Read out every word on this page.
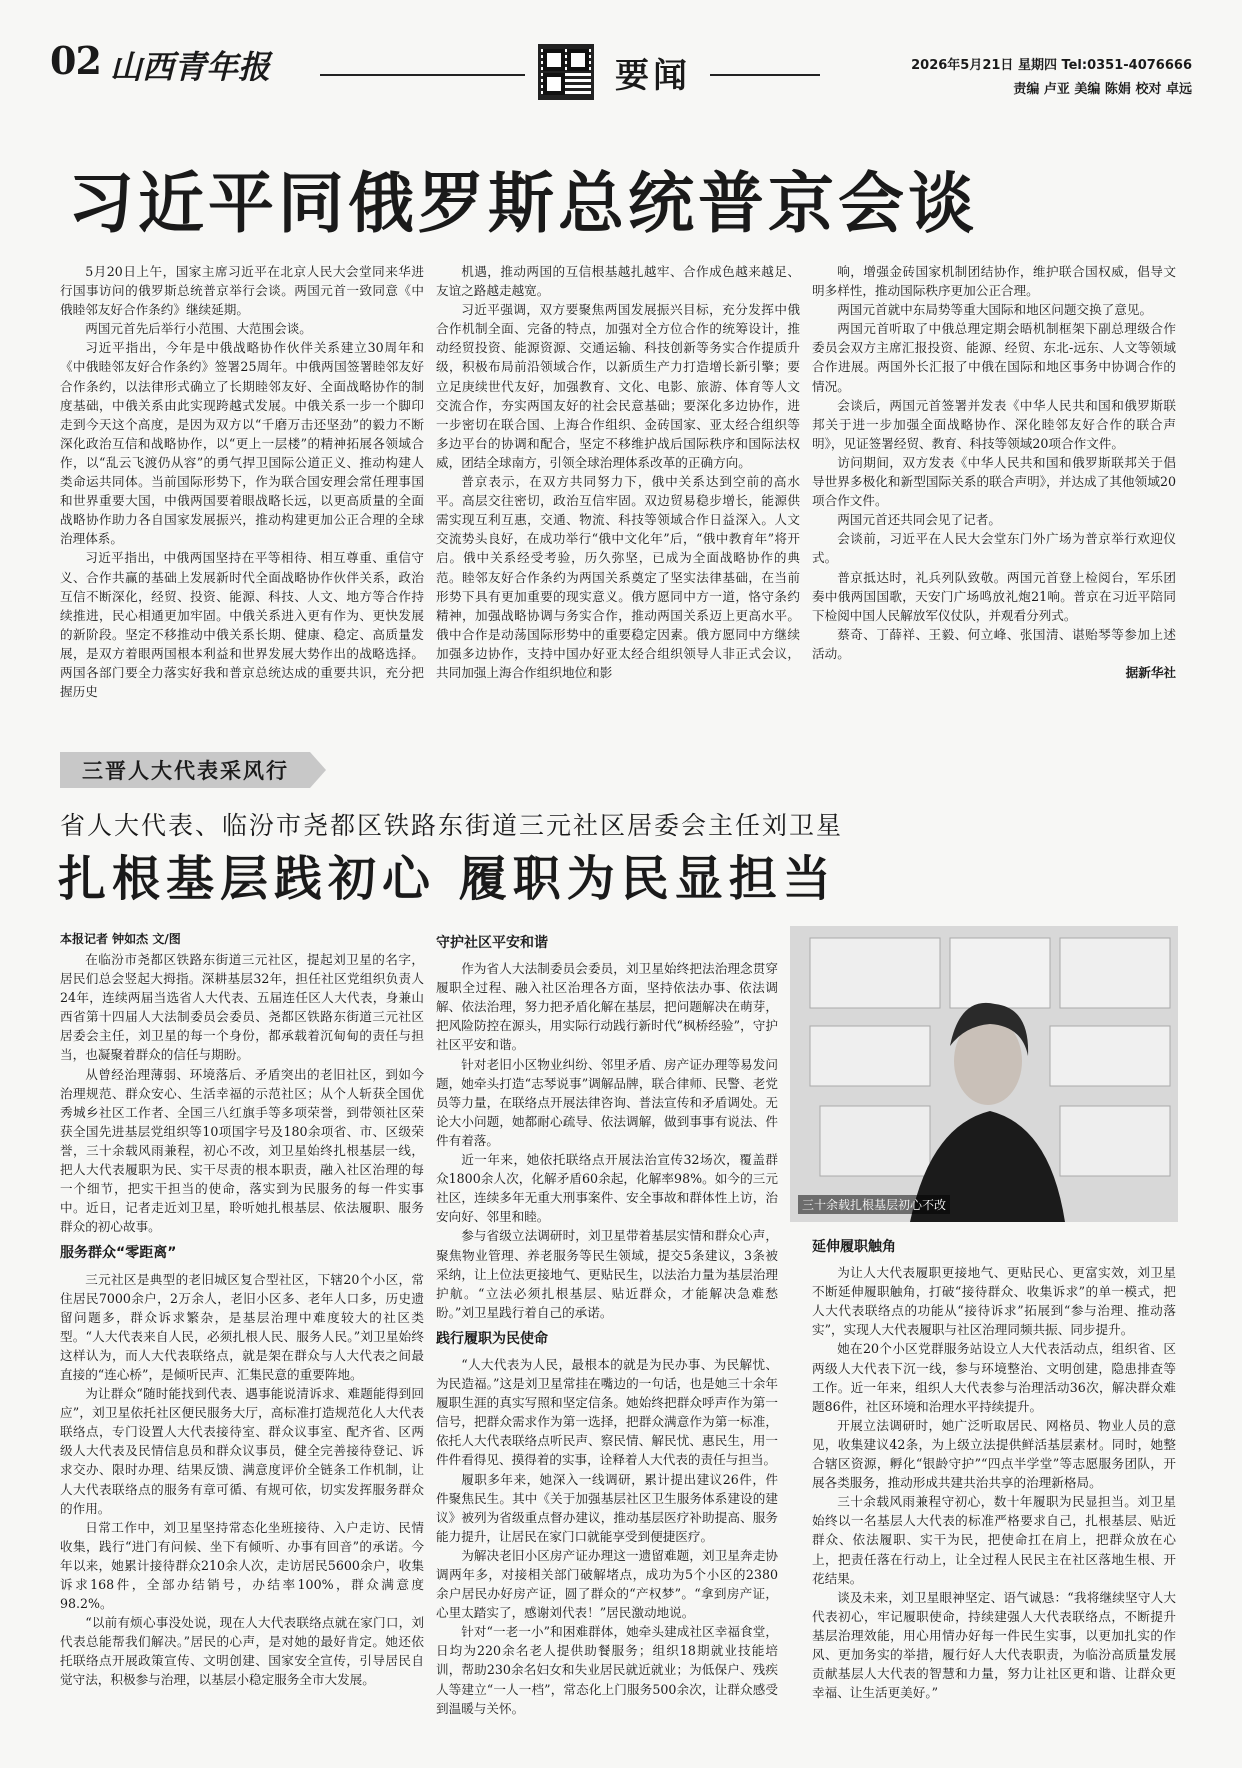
02 山西青年报	要闻	2026年5月21日 星期四 Tel:0351-4076666
责编 卢亚 美编 陈娟 校对 卓远
习近平同俄罗斯总统普京会谈

5月20日上午，国家主席习近平在北京人民大会堂同来华进行国事访问的俄罗斯总统普京举行会谈。两国元首一致同意《中俄睦邻友好合作条约》继续延期。

两国元首先后举行小范围、大范围会谈。

习近平指出，今年是中俄战略协作伙伴关系建立30周年和《中俄睦邻友好合作条约》签署25周年。中俄两国签署睦邻友好合作条约，以法律形式确立了长期睦邻友好、全面战略协作的制度基础，中俄关系由此实现跨越式发展。中俄关系一步一个脚印走到今天这个高度，是因为双方以“千磨万击还坚劲”的毅力不断深化政治互信和战略协作，以“更上一层楼”的精神拓展各领域合作，以“乱云飞渡仍从容”的勇气捍卫国际公道正义、推动构建人类命运共同体。当前国际形势下，作为联合国安理会常任理事国和世界重要大国，中俄两国要着眼战略长远，以更高质量的全面战略协作助力各自国家发展振兴，推动构建更加公正合理的全球治理体系。

习近平指出，中俄两国坚持在平等相待、相互尊重、重信守义、合作共赢的基础上发展新时代全面战略协作伙伴关系，政治互信不断深化，经贸、投资、能源、科技、人文、地方等合作持续推进，民心相通更加牢固。中俄关系进入更有作为、更快发展的新阶段。坚定不移推动中俄关系长期、健康、稳定、高质量发展，是双方着眼两国根本利益和世界发展大势作出的战略选择。两国各部门要全力落实好我和普京总统达成的重要共识，充分把握历史

机遇，推动两国的互信根基越扎越牢、合作成色越来越足、友谊之路越走越宽。

习近平强调，双方要聚焦两国发展振兴目标，充分发挥中俄合作机制全面、完备的特点，加强对全方位合作的统筹设计，推动经贸投资、能源资源、交通运输、科技创新等务实合作提质升级，积极布局前沿领域合作，以新质生产力打造增长新引擎；要立足庚续世代友好，加强教育、文化、电影、旅游、体育等人文交流合作，夯实两国友好的社会民意基础；要深化多边协作，进一步密切在联合国、上海合作组织、金砖国家、亚太经合组织等多边平台的协调和配合，坚定不移维护战后国际秩序和国际法权威，团结全球南方，引领全球治理体系改革的正确方向。

普京表示，在双方共同努力下，俄中关系达到空前的高水平。高层交往密切，政治互信牢固。双边贸易稳步增长，能源供需实现互利互惠，交通、物流、科技等领域合作日益深入。人文交流势头良好，在成功举行“俄中文化年”后，“俄中教育年”将开启。俄中关系经受考验，历久弥坚，已成为全面战略协作的典范。睦邻友好合作条约为两国关系奠定了坚实法律基础，在当前形势下具有更加重要的现实意义。俄方愿同中方一道，恪守条约精神，加强战略协调与务实合作，推动两国关系迈上更高水平。俄中合作是动荡国际形势中的重要稳定因素。俄方愿同中方继续加强多边协作，支持中国办好亚太经合组织领导人非正式会议，共同加强上海合作组织地位和影

响，增强金砖国家机制团结协作，维护联合国权威，倡导文明多样性，推动国际秩序更加公正合理。

两国元首就中东局势等重大国际和地区问题交换了意见。

两国元首听取了中俄总理定期会晤机制框架下副总理级合作委员会双方主席汇报投资、能源、经贸、东北-远东、人文等领域合作进展。两国外长汇报了中俄在国际和地区事务中协调合作的情况。

会谈后，两国元首签署并发表《中华人民共和国和俄罗斯联邦关于进一步加强全面战略协作、深化睦邻友好合作的联合声明》，见证签署经贸、教育、科技等领域20项合作文件。

访问期间，双方发表《中华人民共和国和俄罗斯联邦关于倡导世界多极化和新型国际关系的联合声明》，并达成了其他领域20项合作文件。

两国元首还共同会见了记者。

会谈前，习近平在人民大会堂东门外广场为普京举行欢迎仪式。

普京抵达时，礼兵列队致敬。两国元首登上检阅台，军乐团奏中俄两国国歌，天安门广场鸣放礼炮21响。普京在习近平陪同下检阅中国人民解放军仪仗队，并观看分列式。

蔡奇、丁薛祥、王毅、何立峰、张国清、谌贻琴等参加上述活动。

据新华社

三晋人大代表采风行
省人大代表、临汾市尧都区铁路东街道三元社区居委会主任刘卫星
扎根基层践初心 履职为民显担当
本报记者 钟如杰 文/图

在临汾市尧都区铁路东街道三元社区，提起刘卫星的名字，居民们总会竖起大拇指。深耕基层32年，担任社区党组织负责人24年，连续两届当选省人大代表、五届连任区人大代表，身兼山西省第十四届人大法制委员会委员、尧都区铁路东街道三元社区居委会主任，刘卫星的每一个身份，都承载着沉甸甸的责任与担当，也凝聚着群众的信任与期盼。

从曾经治理薄弱、环境落后、矛盾突出的老旧社区，到如今治理规范、群众安心、生活幸福的示范社区；从个人斩获全国优秀城乡社区工作者、全国三八红旗手等多项荣誉，到带领社区荣获全国先进基层党组织等10项国字号及180余项省、市、区级荣誉，三十余载风雨兼程，初心不改，刘卫星始终扎根基层一线，把人大代表履职为民、实干尽责的根本职责，融入社区治理的每一个细节，把实干担当的使命，落实到为民服务的每一件实事中。近日，记者走近刘卫星，聆听她扎根基层、依法履职、服务群众的初心故事。

服务群众“零距离”

三元社区是典型的老旧城区复合型社区，下辖20个小区，常住居民7000余户，2万余人，老旧小区多、老年人口多，历史遗留问题多，群众诉求繁杂，是基层治理中难度较大的社区类型。“人大代表来自人民，必须扎根人民、服务人民。”刘卫星始终这样认为，而人大代表联络点，就是架在群众与人大代表之间最直接的“连心桥”，是倾听民声、汇集民意的重要阵地。

为让群众“随时能找到代表、遇事能说清诉求、难题能得到回应”，刘卫星依托社区便民服务大厅，高标准打造规范化人大代表联络点，专门设置人大代表接待室、群众议事室、配齐省、区两级人大代表及民情信息员和群众议事员，健全完善接待登记、诉求交办、限时办理、结果反馈、满意度评价全链条工作机制，让人大代表联络点的服务有章可循、有规可依，切实发挥服务群众的作用。

日常工作中，刘卫星坚持常态化坐班接待、入户走访、民情收集，践行“进门有问候、坐下有倾听、办事有回音”的承诺。今年以来，她累计接待群众210余人次，走访居民5600余户，收集诉求168件，全部办结销号，办结率100%，群众满意度98.2%。

“以前有烦心事没处说，现在人大代表联络点就在家门口，刘代表总能帮我们解决。”居民的心声，是对她的最好肯定。她还依托联络点开展政策宣传、文明创建、国家安全宣传，引导居民自觉守法，积极参与治理，以基层小稳定服务全市大发展。

守护社区平安和谐

作为省人大法制委员会委员，刘卫星始终把法治理念贯穿履职全过程、融入社区治理各方面，坚持依法办事、依法调解、依法治理，努力把矛盾化解在基层，把问题解决在萌芽，把风险防控在源头，用实际行动践行新时代“枫桥经验”，守护社区平安和谐。

针对老旧小区物业纠纷、邻里矛盾、房产证办理等易发问题，她牵头打造“志琴说事”调解品牌，联合律师、民警、老党员等力量，在联络点开展法律咨询、普法宣传和矛盾调处。无论大小问题，她都耐心疏导、依法调解，做到事事有说法、件件有着落。

近一年来，她依托联络点开展法治宣传32场次，覆盖群众1800余人次，化解矛盾60余起，化解率98%。如今的三元社区，连续多年无重大刑事案件、安全事故和群体性上访，治安向好、邻里和睦。

参与省级立法调研时，刘卫星带着基层实情和群众心声，聚焦物业管理、养老服务等民生领域，提交5条建议，3条被采纳，让上位法更接地气、更贴民生，以法治力量为基层治理护航。“立法必须扎根基层、贴近群众，才能解决急难愁盼。”刘卫星践行着自己的承诺。

践行履职为民使命

“人大代表为人民，最根本的就是为民办事、为民解忧、为民造福。”这是刘卫星常挂在嘴边的一句话，也是她三十余年履职生涯的真实写照和坚定信条。她始终把群众呼声作为第一信号，把群众需求作为第一选择，把群众满意作为第一标准，依托人大代表联络点听民声、察民情、解民忧、惠民生，用一件件看得见、摸得着的实事，诠释着人大代表的责任与担当。

履职多年来，她深入一线调研，累计提出建议26件，件件聚焦民生。其中《关于加强基层社区卫生服务体系建设的建议》被列为省级重点督办建议，推动基层医疗补助提高、服务能力提升，让居民在家门口就能享受到便捷医疗。

为解决老旧小区房产证办理这一遗留难题，刘卫星奔走协调两年多，对接相关部门破解堵点，成功为5个小区的2380余户居民办好房产证，圆了群众的“产权梦”。“拿到房产证，心里太踏实了，感谢刘代表！”居民激动地说。

针对“一老一小”和困难群体，她牵头建成社区幸福食堂，日均为220余名老人提供助餐服务；组织18期就业技能培训，帮助230余名妇女和失业居民就近就业；为低保户、残疾人等建立“一人一档”，常态化上门服务500余次，让群众感受到温暖与关怀。

三十余载扎根基层初心不改

延伸履职触角

为让人大代表履职更接地气、更贴民心、更富实效，刘卫星不断延伸履职触角，打破“接待群众、收集诉求”的单一模式，把人大代表联络点的功能从“接待诉求”拓展到“参与治理、推动落实”，实现人大代表履职与社区治理同频共振、同步提升。

她在20个小区党群服务站设立人大代表活动点，组织省、区两级人大代表下沉一线，参与环境整治、文明创建，隐患排查等工作。近一年来，组织人大代表参与治理活动36次，解决群众难题86件，社区环境和治理水平持续提升。

开展立法调研时，她广泛听取居民、网格员、物业人员的意见，收集建议42条，为上级立法提供鲜活基层素材。同时，她整合辖区资源，孵化“银龄守护”“四点半学堂”等志愿服务团队，开展各类服务，推动形成共建共治共享的治理新格局。

三十余载风雨兼程守初心，数十年履职为民显担当。刘卫星始终以一名基层人大代表的标准严格要求自己，扎根基层、贴近群众、依法履职、实干为民，把使命扛在肩上，把群众放在心上，把责任落在行动上，让全过程人民民主在社区落地生根、开花结果。

谈及未来，刘卫星眼神坚定、语气诚恳：“我将继续坚守人大代表初心，牢记履职使命，持续建强人大代表联络点，不断提升基层治理效能，用心用情办好每一件民生实事，以更加扎实的作风、更加务实的举措，履行好人大代表职责，为临汾高质量发展贡献基层人大代表的智慧和力量，努力让社区更和谐、让群众更幸福、让生活更美好。”
